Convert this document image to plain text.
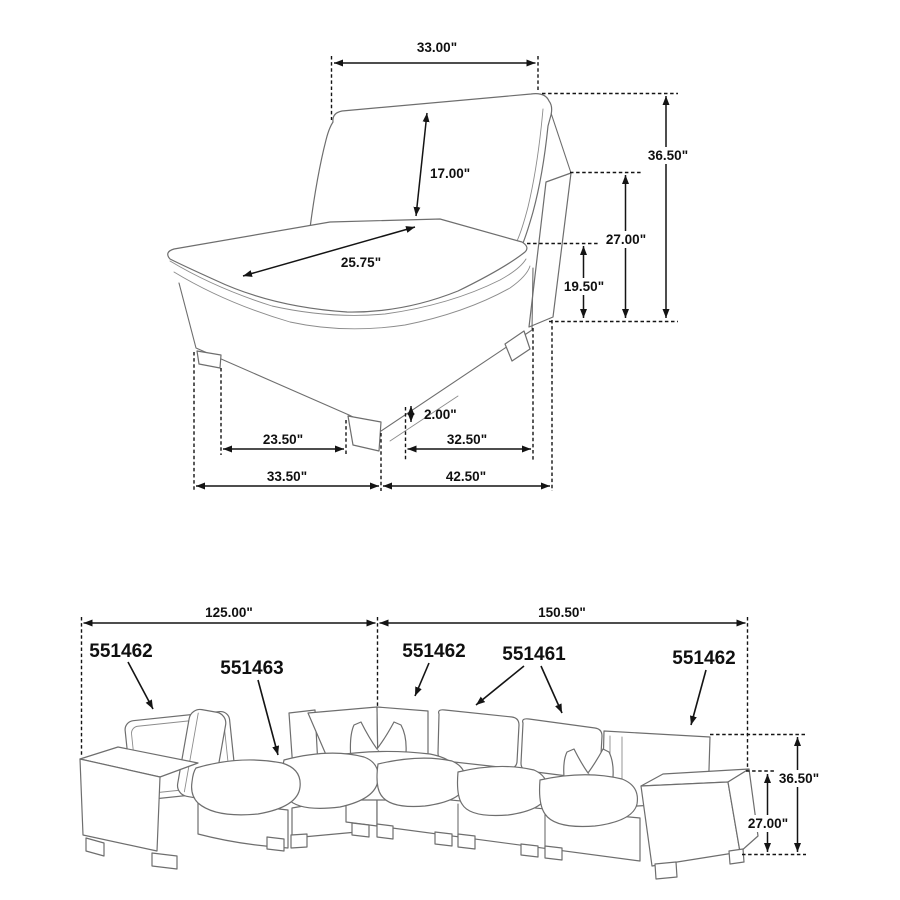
33.00"
17.00"
25.75"
36.50"
27.00"
19.50"
2.00"
23.50"	32.50"
33.50"	42.50"
125.00"	150.50"
551462
551463
551462 551461	551462
36.50"
27.00"
